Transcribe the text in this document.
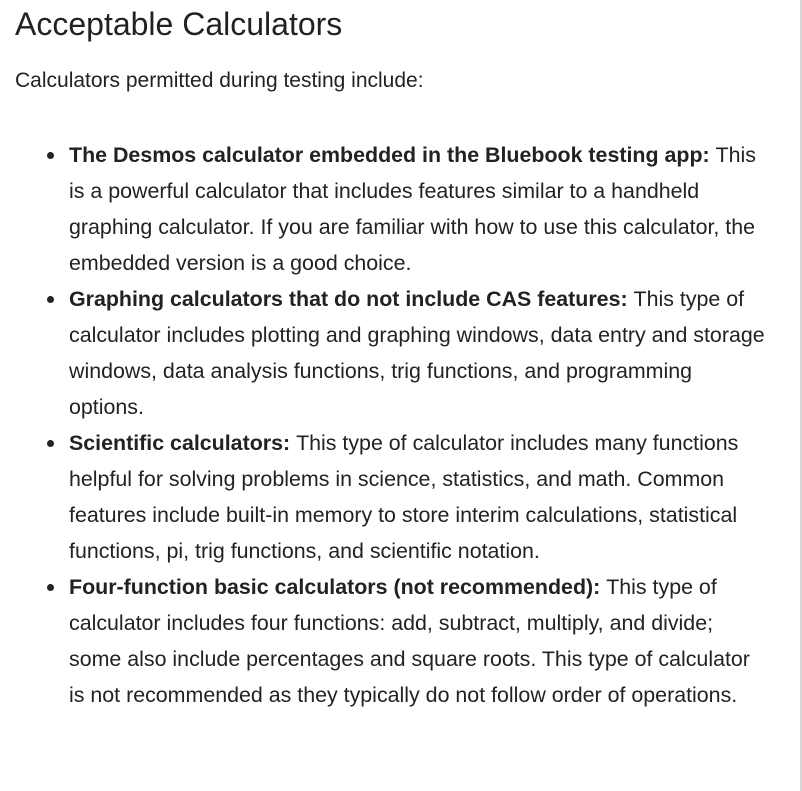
Acceptable Calculators

Calculators permitted during testing include:

The Desmos calculator embedded in the Bluebook testing app: This is a powerful calculator that includes features similar to a handheld graphing calculator. If you are familiar with how to use this calculator, the embedded version is a good choice.
Graphing calculators that do not include CAS features: This type of calculator includes plotting and graphing windows, data entry and storage windows, data analysis functions, trig functions, and programming options.
Scientific calculators: This type of calculator includes many functions helpful for solving problems in science, statistics, and math. Common features include built-in memory to store interim calculations, statistical functions, pi, trig functions, and scientific notation.
Four-function basic calculators (not recommended): This type of calculator includes four functions: add, subtract, multiply, and divide; some also include percentages and square roots. This type of calculator is not recommended as they typically do not follow order of operations.
